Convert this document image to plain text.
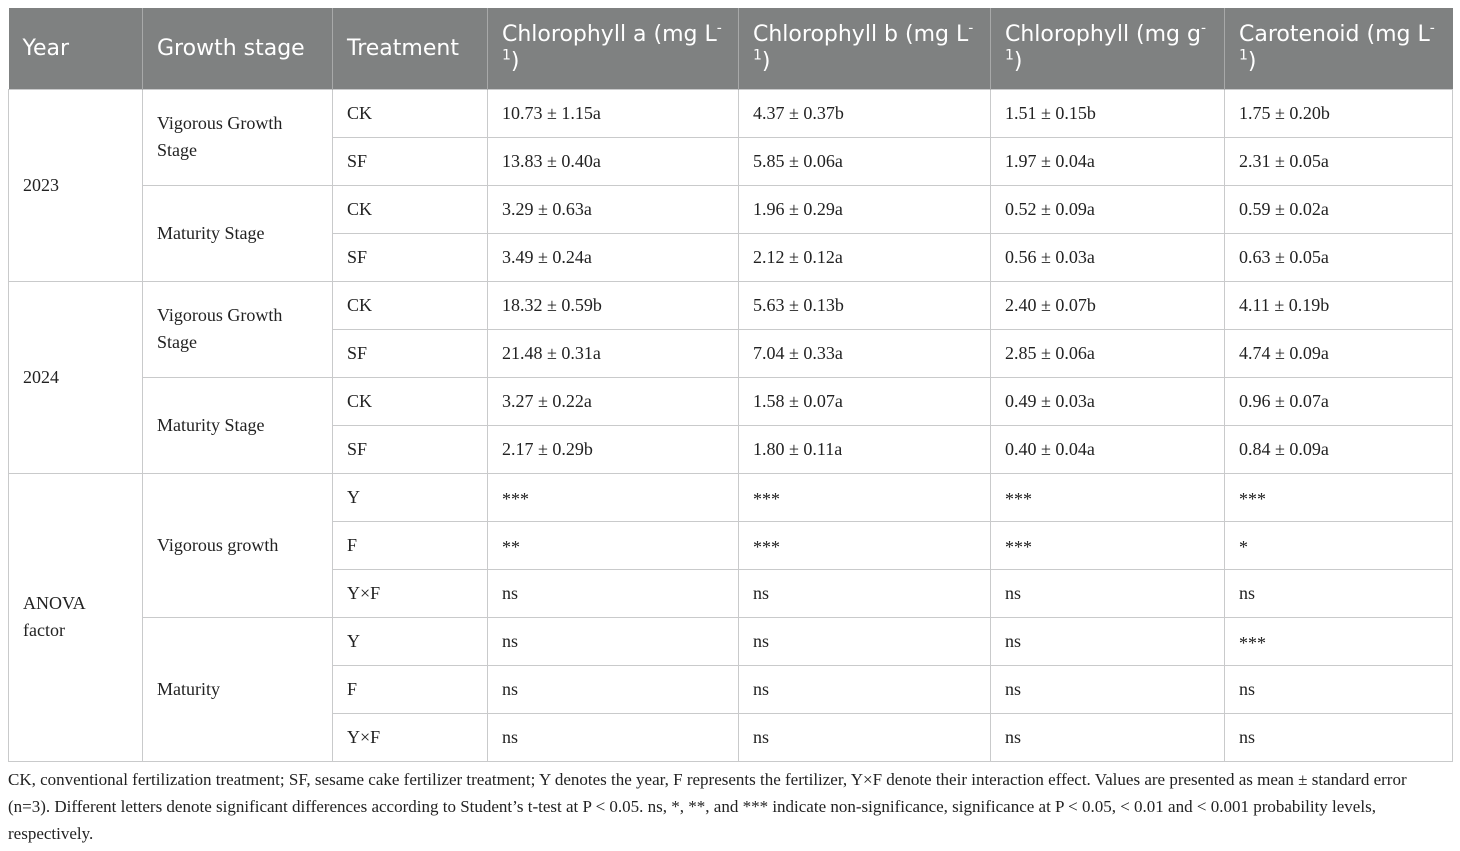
Year	Growth stage	Treatment	Chlorophyll a (mg $L^{-1}$)	Chlorophyll b (mg $L^{-1}$)	Chlorophyll (mg $g^{-1}$)	Carotenoid (mg $L^{-1}$)
2023	Vigorous Growth Stage	CK	10.73 ± 1.15a	4.37 ± 0.37b	1.51 ± 0.15b	1.75 ± 0.20b
		SF	13.83 ± 0.40a	5.85 ± 0.06a	1.97 ± 0.04a	2.31 ± 0.05a
	Maturity Stage	CK	3.29 ± 0.63a	1.96 ± 0.29a	0.52 ± 0.09a	0.59 ± 0.02a
		SF	3.49 ± 0.24a	2.12 ± 0.12a	0.56 ± 0.03a	0.63 ± 0.05a
2024	Vigorous Growth Stage	CK	18.32 ± 0.59b	5.63 ± 0.13b	2.40 ± 0.07b	4.11 ± 0.19b
		SF	21.48 ± 0.31a	7.04 ± 0.33a	2.85 ± 0.06a	4.74 ± 0.09a
	Maturity Stage	CK	3.27 ± 0.22a	1.58 ± 0.07a	0.49 ± 0.03a	0.96 ± 0.07a
		SF	2.17 ± 0.29b	1.80 ± 0.11a	0.40 ± 0.04a	0.84 ± 0.09a
ANOVA factor	Vigorous growth	Y	***	***	***	***
		F	**	***	***	*
		Y×F	ns	ns	ns	ns
	Maturity	Y	ns	ns	ns	***
		F	ns	ns	ns	ns
		Y×F	ns	ns	ns	ns
CK, conventional fertilization treatment; SF, sesame cake fertilizer treatment; Y denotes the year, F represents the fertilizer, Y×F denote their interaction effect. Values are presented as mean ± standard error (n=3). Different letters denote significant differences according to Student’s t-test at P < 0.05. ns, *, **, and *** indicate non-significance, significance at P < 0.05, < 0.01 and < 0.001 probability levels, respectively.
